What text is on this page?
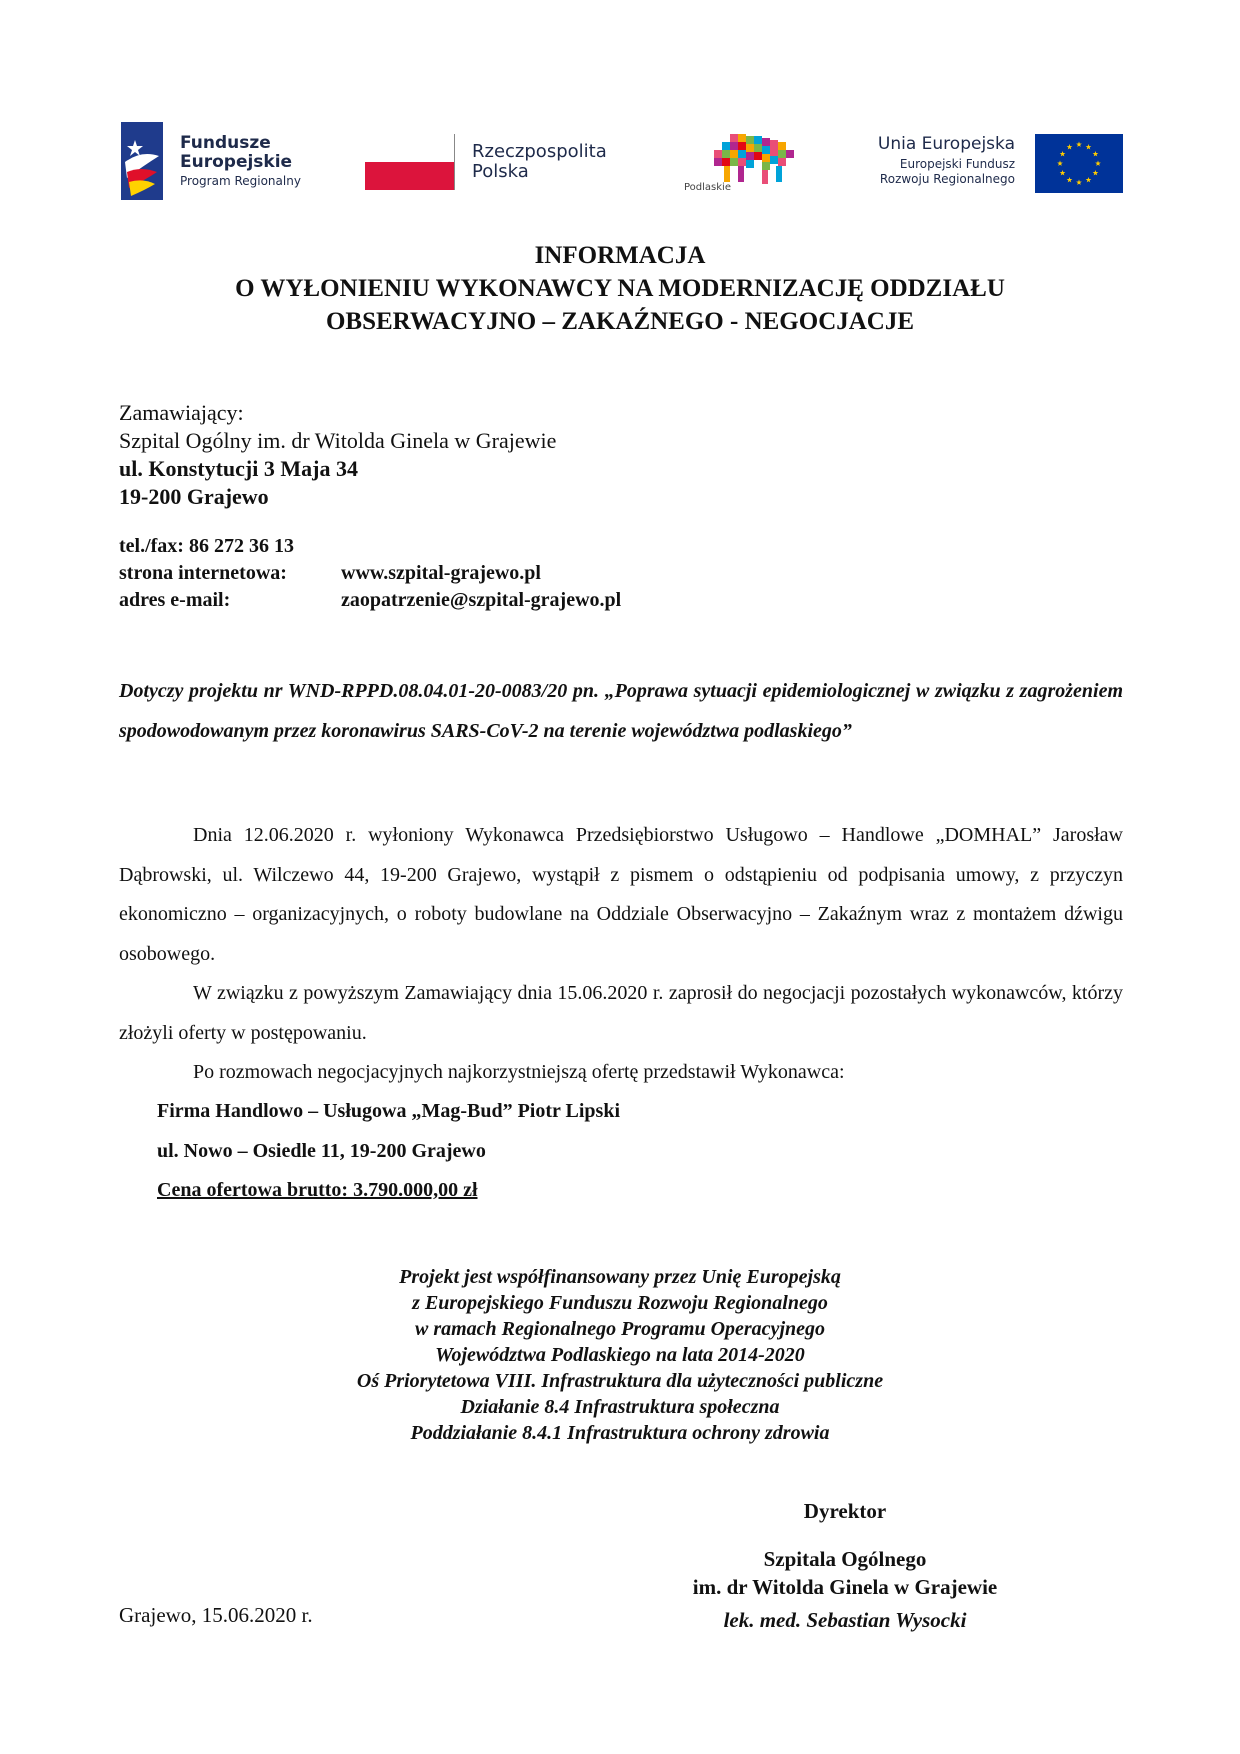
Fundusze
Europejskie
Program Regionalny
Rzeczpospolita
Polska
Podlaskie
Unia Europejska
Europejski Fundusz
Rozwoju Regionalnego
INFORMACJA
O WYŁONIENIU WYKONAWCY NA MODERNIZACJĘ ODDZIAŁU
OBSERWACYJNO – ZAKAŹNEGO - NEGOCJACJE
Zamawiający:
Szpital Ogólny im. dr Witolda Ginela w Grajewie
ul. Konstytucji 3 Maja 34
19-200 Grajewo
tel./fax: 86 272 36 13
strona internetowa:	www.szpital-grajewo.pl
adres e-mail:	zaopatrzenie@szpital-grajewo.pl
Dotyczy projektu nr WND-RPPD.08.04.01-20-0083/20 pn. „Poprawa sytuacji epidemiologicznej w związku z zagrożeniem spodowodowanym przez koronawirus SARS-CoV-2 na terenie województwa podlaskiego”
Dnia 12.06.2020 r. wyłoniony Wykonawca Przedsiębiorstwo Usługowo – Handlowe „DOMHAL” Jarosław Dąbrowski, ul. Wilczewo 44, 19-200 Grajewo, wystąpił z pismem o odstąpieniu od podpisania umowy, z przyczyn ekonomiczno – organizacyjnych, o roboty budowlane na Oddziale Obserwacyjno – Zakaźnym wraz z montażem dźwigu osobowego.
W związku z powyższym Zamawiający dnia 15.06.2020 r. zaprosił do negocjacji pozostałych wykonawców, którzy złożyli oferty w postępowaniu.
Po rozmowach negocjacyjnych najkorzystniejszą ofertę przedstawił Wykonawca:
Firma Handlowo – Usługowa „Mag-Bud” Piotr Lipski
ul. Nowo – Osiedle 11, 19-200 Grajewo
Cena ofertowa brutto: 3.790.000,00 zł
Projekt jest współfinansowany przez Unię Europejską
z Europejskiego Funduszu Rozwoju Regionalnego
w ramach Regionalnego Programu Operacyjnego
Województwa Podlaskiego na lata 2014-2020
Oś Priorytetowa VIII. Infrastruktura dla użyteczności publiczne
Działanie 8.4 Infrastruktura społeczna
Poddziałanie 8.4.1 Infrastruktura ochrony zdrowia
Dyrektor
Szpitala Ogólnego
im. dr Witolda Ginela w Grajewie
lek. med. Sebastian Wysocki
Grajewo, 15.06.2020 r.
